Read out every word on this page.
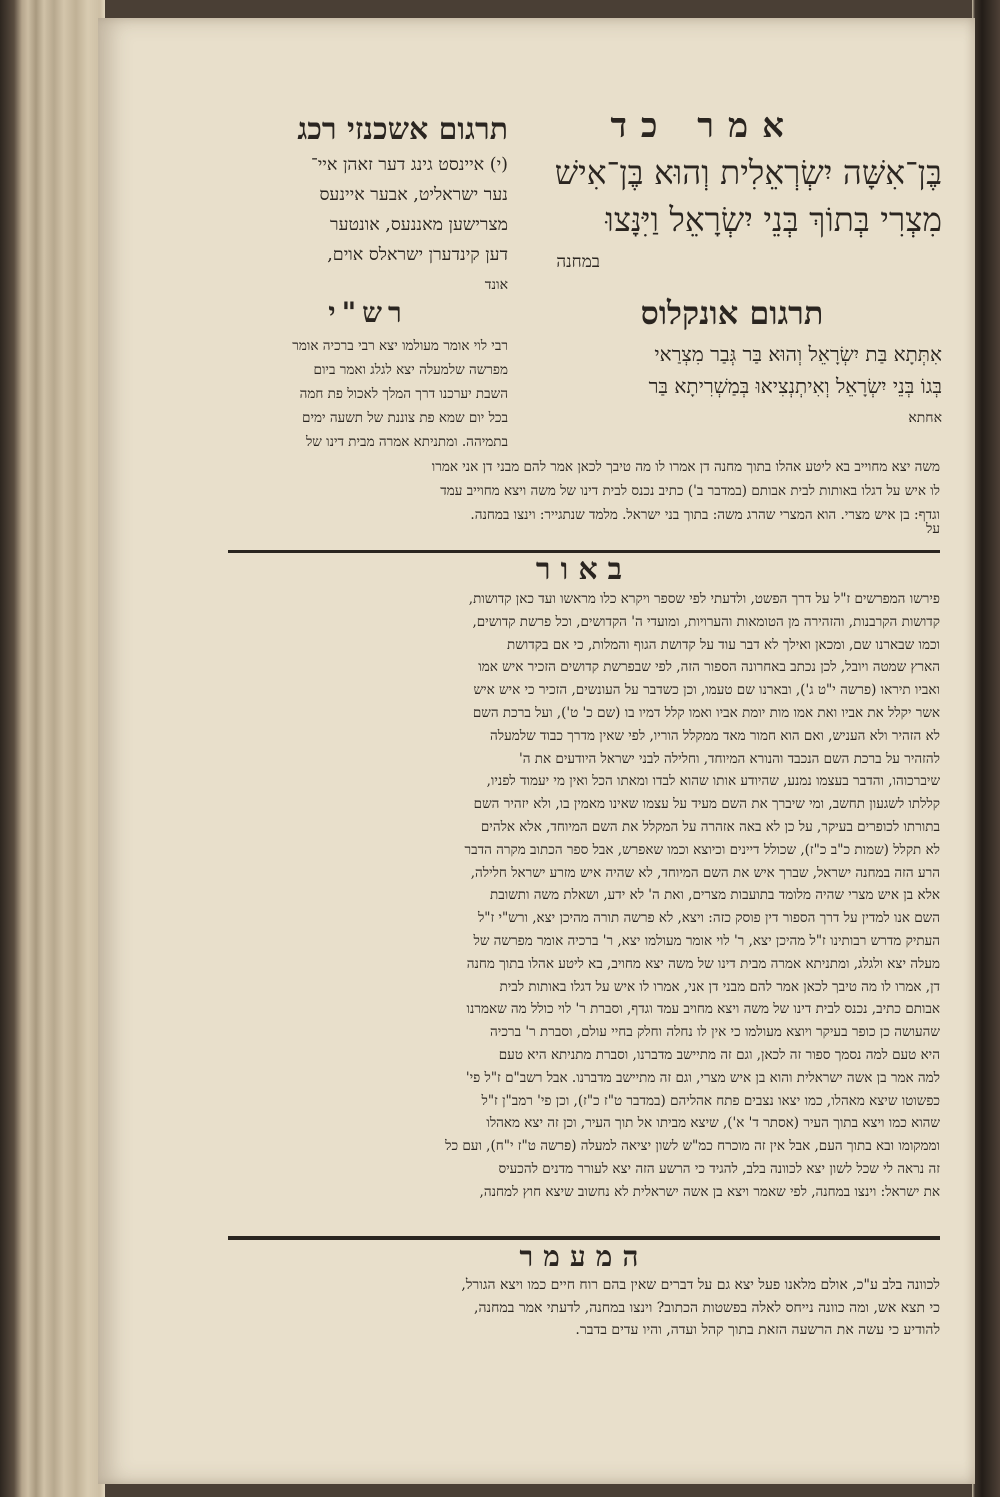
אמר כד
תרגום אשכנזי רכג
בֶּן־אִשָּׁה יִשְׂרְאֵלִית וְהוּא בֶּן־אִישׁ
מִצְרִי בְּתוֹךְ בְּנֵי יִשְׂרָאֵל וַיִּנָּצוּ
במחנה
תרגום אונקלוס
אִתְּתָא בַּת יִשְׂרָאֵל וְהוּא בַּר גְּבַר מִצְרַאי
בְּגוֹ בְּנֵי יִשְׂרָאֵל וְאִיתְנְצִיאוּ בְּמַשְׁרִיתָא בַּר
אחתא
(י) איינסט גינג דער זאהן איי־
נער ישראליט, אבער איינעס
מצרישען מאננעס, אונטער
דען קינדערן ישראלס אוים,
אונד
רש"י
רבי לוי אומר מעולמו יצא רבי ברכיה אומר
מפרשה שלמעלה יצא לגלג ואמר ביום
השבת יערכנו דרך המלך לאכול פת חמה
בכל יום שמא פת צוננת של תשעה ימים
בתמיהה. ומתניתא אמרה מבית דינו של
משה יצא מחוייב בא ליטע אהלו בתוך מחנה דן אמרו לו מה טיבך לכאן אמר להם מבני דן אני אמרו
לו איש על דגלו באותות לבית אבותם (במדבר ב') כתיב נכנס לבית דינו של משה ויצא מחוייב עמד
וגדף: בן איש מצרי. הוא המצרי שהרג משה: בתוך בני ישראל. מלמד שנתגייר: וינצו במחנה.
על
באור
פירשו המפרשים ז"ל על דרך הפשט, ולדעתי לפי שספר ויקרא כלו מראשו ועד כאן קדושות,
קדושות הקרבנות, והזהירה מן הטומאות והערויות, ומועדי ה' הקדושים, וכל פרשת קדושים,
וכמו שבארנו שם, ומכאן ואילך לא דבר עוד על קדושת הגוף והמלות, כי אם בקדושת
הארץ שמטה ויובל, לכן נכתב באחרונה הספור הזה, לפי שבפרשת קדושים הזכיר איש אמו
ואביו תיראו (פרשה י"ט ג'), ובארנו שם טעמו, וכן כשדבר על העונשים, הזכיר כי איש איש
אשר יקלל את אביו ואת אמו מות יומת אביו ואמו קלל דמיו בו (שם כ' ט'), ועל ברכת השם
לא הזהיר ולא העניש, ואם הוא חמור מאד ממקלל הוריו, לפי שאין מדרך כבוד שלמעלה
להזהיר על ברכת השם הנכבד והנורא המיוחד, וחלילה לבני ישראל היודעים את ה'
שיברכוהו, והדבר בעצמו נמנע, שהיודע אותו שהוא לבדו ומאתו הכל ואין מי יעמוד לפניו,
קללתו לשגעון תחשב, ומי שיברך את השם מעיד על עצמו שאינו מאמין בו, ולא יזהיר השם
בתורתו לכופרים בעיקר, על כן לא באה אזהרה על המקלל את השם המיוחד, אלא אלהים
לא תקלל (שמות כ"ב כ"ז), שכולל דיינים וכיוצא וכמו שאפרש, אבל ספר הכתוב מקרה הדבר
הרע הזה במחנה ישראל, שברך איש את השם המיוחד, לא שהיה איש מזרע ישראל חלילה,
אלא בן איש מצרי שהיה מלומד בתועבות מצרים, ואת ה' לא ידע, ושאלת משה ותשובת
השם אנו למדין על דרך הספור דין פוסק כזה: ויצא, לא פרשה תורה מהיכן יצא, ורש"י ז"ל
העתיק מדרש רבותינו ז"ל מהיכן יצא, ר' לוי אומר מעולמו יצא, ר' ברכיה אומר מפרשה של
מעלה יצא ולגלג, ומתניתא אמרה מבית דינו של משה יצא מחויב, בא ליטע אהלו בתוך מחנה
דן, אמרו לו מה טיבך לכאן אמר להם מבני דן אני, אמרו לו איש על דגלו באותות לבית
אבותם כתיב, נכנס לבית דינו של משה ויצא מחויב עמד וגדף, וסברת ר' לוי כולל מה שאמרנו
שהעושה כן כופר בעיקר ויוצא מעולמו כי אין לו נחלה וחלק בחיי עולם, וסברת ר' ברכיה
היא טעם למה נסמך ספור זה לכאן, וגם זה מתיישב מדברנו, וסברת מתניתא היא טעם
למה אמר בן אשה ישראלית והוא בן איש מצרי, וגם זה מתיישב מדברנו. אבל רשב"ם ז"ל פי'
כפשוטו שיצא מאהלו, כמו יצאו נצבים פתח אהליהם (במדבר ט"ז כ"ז), וכן פי' רמב"ן ז"ל
שהוא כמו ויצא בתוך העיר (אסתר ד' א'), שיצא מביתו אל תוך העיר, וכן זה יצא מאהלו
וממקומו ובא בתוך העם, אבל אין זה מוכרח כמ"ש לשון יציאה למעלה (פרשה ט"ז י"ח), ועם כל
זה נראה לי שכל לשון יצא לכוונה בלב, להגיד כי הרשע הזה יצא לעורר מדנים להכעיס
את ישראל: וינצו במחנה, לפי שאמר ויצא בן אשה ישראלית לא נחשוב שיצא חוץ למחנה,
המעמר
לכוונה בלב ע"כ, אולם מלאנו פעל יצא גם על דברים שאין בהם רוח חיים כמו ויצא הגורל,
כי תצא אש, ומה כוונה נייחס לאלה בפשטות הכתוב? וינצו במחנה, לדעתי אמר במחנה,
להודיע כי עשה את הרשעה הזאת בתוך קהל ועדה, והיו עדים בדבר.
